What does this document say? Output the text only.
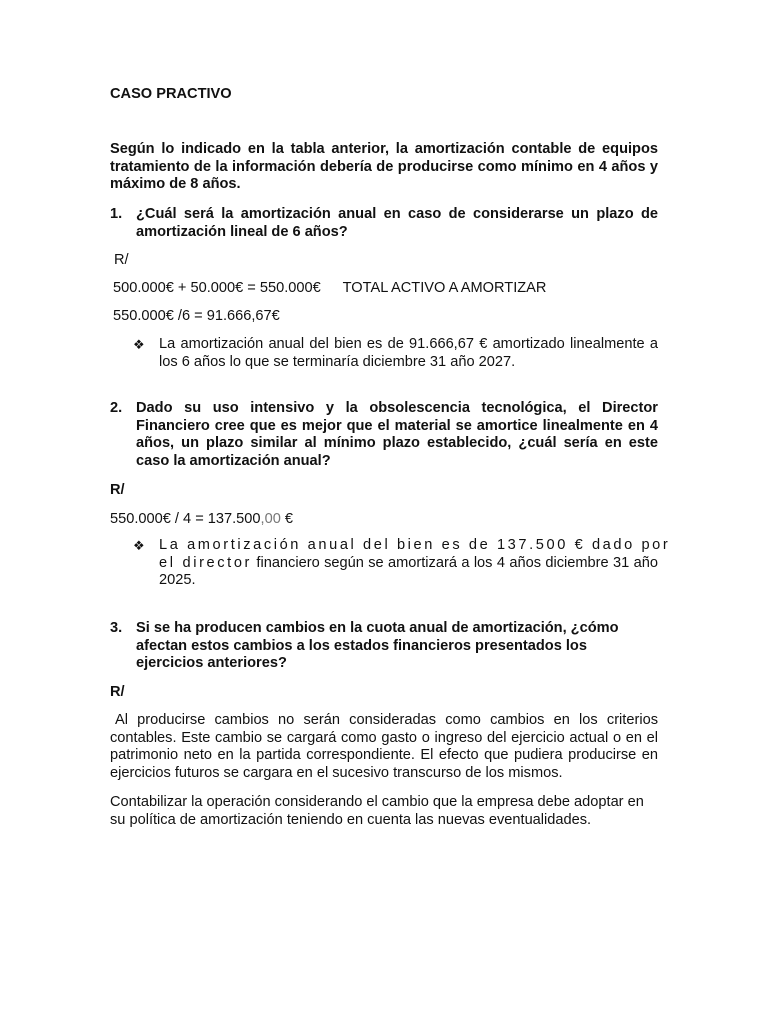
CASO PRACTIVO
Según lo indicado en la tabla anterior, la amortización contable de equipos tratamiento de la información debería de producirse como mínimo en 4 años y máximo de 8 años.
1. ¿Cuál será la amortización anual en caso de considerarse un plazo de amortización lineal de 6 años?
R/
500.000€ + 50.000€ = 550.000€ TOTAL ACTIVO A AMORTIZAR
550.000€ /6 = 91.666,67€
❖ La amortización anual del bien es de 91.666,67 € amortizado linealmente a los 6 años lo que se terminaría diciembre 31 año 2027.
2. Dado su uso intensivo y la obsolescencia tecnológica, el Director Financiero cree que es mejor que el material se amortice linealmente en 4 años, un plazo similar al mínimo plazo establecido, ¿cuál sería en este caso la amortización anual?
R/
550.000€ / 4 = 137.500,00 €
❖ La amortización anual del bien es de 137.500 € dado por
el director financiero según se amortizará a los 4 años diciembre 31 año 2025.
3. Si se ha producen cambios en la cuota anual de amortización, ¿cómo afectan estos cambios a los estados financieros presentados los ejercicios anteriores?
R/
Al producirse cambios no serán consideradas como cambios en los criterios contables. Este cambio se cargará como gasto o ingreso del ejercicio actual o en el patrimonio neto en la partida correspondiente. El efecto que pudiera producirse en ejercicios futuros se cargara en el sucesivo transcurso de los mismos.
Contabilizar la operación considerando el cambio que la empresa debe adoptar en su política de amortización teniendo en cuenta las nuevas eventualidades.
